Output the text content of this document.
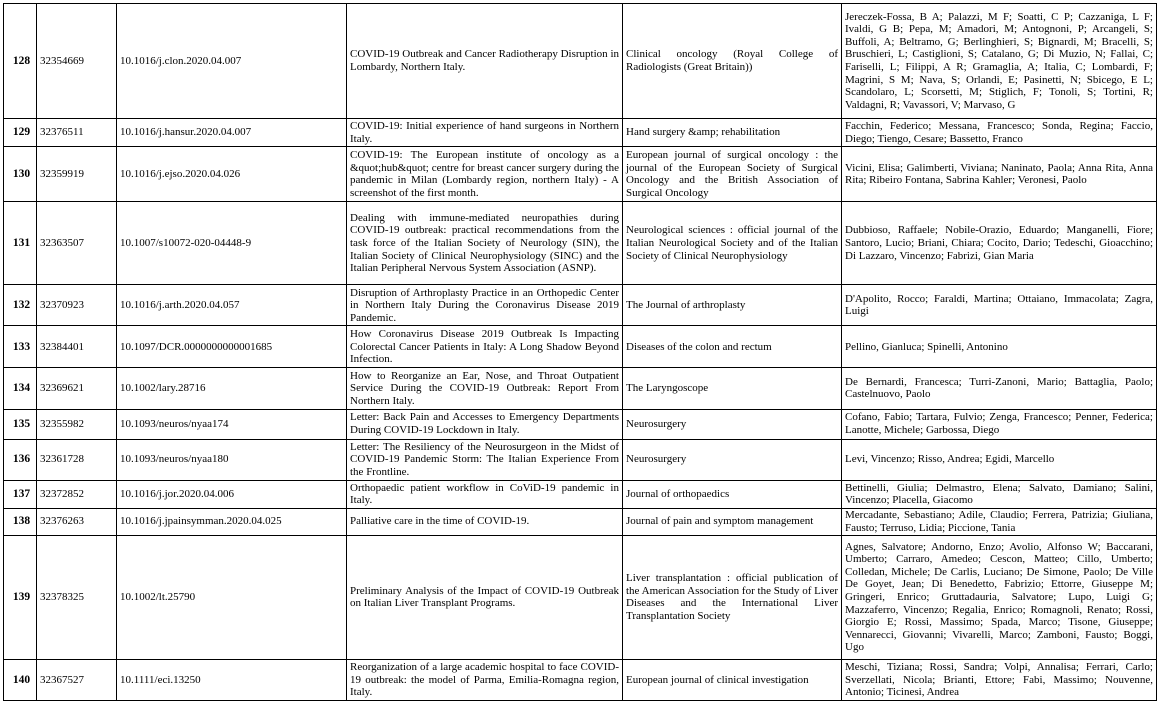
128	32354669	10.1016/j.clon.2020.04.007	COVID-19 Outbreak and Cancer Radiotherapy Disruption in Lombardy, Northern Italy.	Clinical oncology (Royal College of Radiologists (Great Britain))	Jereczek-Fossa, B A; Palazzi, M F; Soatti, C P; Cazzaniga, L F; Ivaldi, G B; Pepa, M; Amadori, M; Antognoni, P; Arcangeli, S; Buffoli, A; Beltramo, G; Berlinghieri, S; Bignardi, M; Bracelli, S; Bruschieri, L; Castiglioni, S; Catalano, G; Di Muzio, N; Fallai, C; Fariselli, L; Filippi, A R; Gramaglia, A; Italia, C; Lombardi, F; Magrini, S M; Nava, S; Orlandi, E; Pasinetti, N; Sbicego, E L; Scandolaro, L; Scorsetti, M; Stiglich, F; Tonoli, S; Tortini, R; Valdagni, R; Vavassori, V; Marvaso, G
129	32376511	10.1016/j.hansur.2020.04.007	COVID-19: Initial experience of hand surgeons in Northern Italy.	Hand surgery &amp; rehabilitation	Facchin, Federico; Messana, Francesco; Sonda, Regina; Faccio, Diego; Tiengo, Cesare; Bassetto, Franco
130	32359919	10.1016/j.ejso.2020.04.026	COVID-19: The European institute of oncology as a &quot;hub&quot; centre for breast cancer surgery during the pandemic in Milan (Lombardy region, northern Italy) - A screenshot of the first month.	European journal of surgical oncology : the journal of the European Society of Surgical Oncology and the British Association of Surgical Oncology	Vicini, Elisa; Galimberti, Viviana; Naninato, Paola; Anna Rita, Anna Rita; Ribeiro Fontana, Sabrina Kahler; Veronesi, Paolo
131	32363507	10.1007/s10072-020-04448-9	Dealing with immune-mediated neuropathies during COVID-19 outbreak: practical recommendations from the task force of the Italian Society of Neurology (SIN), the Italian Society of Clinical Neurophysiology (SINC) and the Italian Peripheral Nervous System Association (ASNP).	Neurological sciences : official journal of the Italian Neurological Society and of the Italian Society of Clinical Neurophysiology	Dubbioso, Raffaele; Nobile-Orazio, Eduardo; Manganelli, Fiore; Santoro, Lucio; Briani, Chiara; Cocito, Dario; Tedeschi, Gioacchino; Di Lazzaro, Vincenzo; Fabrizi, Gian Maria
132	32370923	10.1016/j.arth.2020.04.057	Disruption of Arthroplasty Practice in an Orthopedic Center in Northern Italy During the Coronavirus Disease 2019 Pandemic.	The Journal of arthroplasty	D'Apolito, Rocco; Faraldi, Martina; Ottaiano, Immacolata; Zagra, Luigi
133	32384401	10.1097/DCR.0000000000001685	How Coronavirus Disease 2019 Outbreak Is Impacting Colorectal Cancer Patients in Italy: A Long Shadow Beyond Infection.	Diseases of the colon and rectum	Pellino, Gianluca; Spinelli, Antonino
134	32369621	10.1002/lary.28716	How to Reorganize an Ear, Nose, and Throat Outpatient Service During the COVID-19 Outbreak: Report From Northern Italy.	The Laryngoscope	De Bernardi, Francesca; Turri-Zanoni, Mario; Battaglia, Paolo; Castelnuovo, Paolo
135	32355982	10.1093/neuros/nyaa174	Letter: Back Pain and Accesses to Emergency Departments During COVID-19 Lockdown in Italy.	Neurosurgery	Cofano, Fabio; Tartara, Fulvio; Zenga, Francesco; Penner, Federica; Lanotte, Michele; Garbossa, Diego
136	32361728	10.1093/neuros/nyaa180	Letter: The Resiliency of the Neurosurgeon in the Midst of COVID-19 Pandemic Storm: The Italian Experience From the Frontline.	Neurosurgery	Levi, Vincenzo; Risso, Andrea; Egidi, Marcello
137	32372852	10.1016/j.jor.2020.04.006	Orthopaedic patient workflow in CoViD-19 pandemic in Italy.	Journal of orthopaedics	Bettinelli, Giulia; Delmastro, Elena; Salvato, Damiano; Salini, Vincenzo; Placella, Giacomo
138	32376263	10.1016/j.jpainsymman.2020.04.025	Palliative care in the time of COVID-19.	Journal of pain and symptom management	Mercadante, Sebastiano; Adile, Claudio; Ferrera, Patrizia; Giuliana, Fausto; Terruso, Lidia; Piccione, Tania
139	32378325	10.1002/lt.25790	Preliminary Analysis of the Impact of COVID-19 Outbreak on Italian Liver Transplant Programs.	Liver transplantation : official publication of the American Association for the Study of Liver Diseases and the International Liver Transplantation Society	Agnes, Salvatore; Andorno, Enzo; Avolio, Alfonso W; Baccarani, Umberto; Carraro, Amedeo; Cescon, Matteo; Cillo, Umberto; Colledan, Michele; De Carlis, Luciano; De Simone, Paolo; De Ville De Goyet, Jean; Di Benedetto, Fabrizio; Ettorre, Giuseppe M; Gringeri, Enrico; Gruttadauria, Salvatore; Lupo, Luigi G; Mazzaferro, Vincenzo; Regalia, Enrico; Romagnoli, Renato; Rossi, Giorgio E; Rossi, Massimo; Spada, Marco; Tisone, Giuseppe; Vennarecci, Giovanni; Vivarelli, Marco; Zamboni, Fausto; Boggi, Ugo
140	32367527	10.1111/eci.13250	Reorganization of a large academic hospital to face COVID-19 outbreak: the model of Parma, Emilia-Romagna region, Italy.	European journal of clinical investigation	Meschi, Tiziana; Rossi, Sandra; Volpi, Annalisa; Ferrari, Carlo; Sverzellati, Nicola; Brianti, Ettore; Fabi, Massimo; Nouvenne, Antonio; Ticinesi, Andrea
